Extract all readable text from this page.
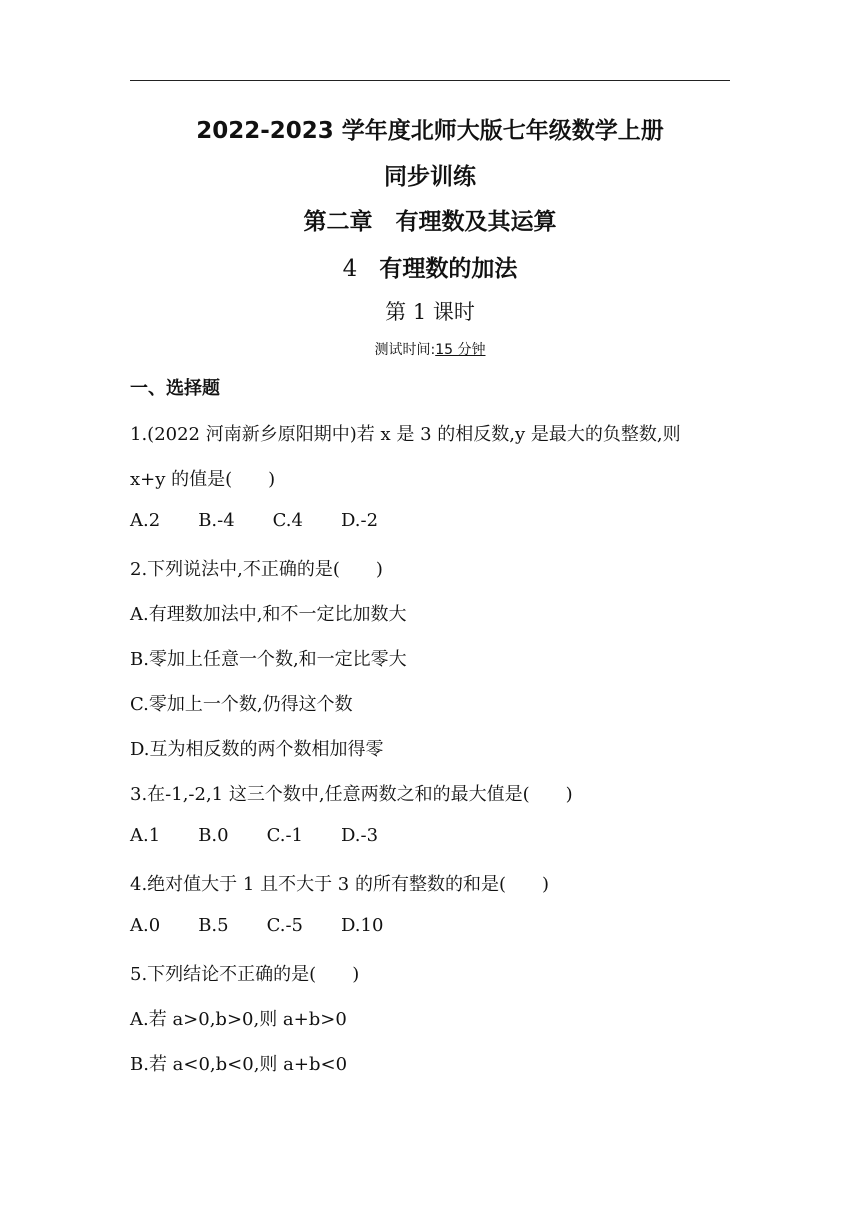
2022-2023 学年度北师大版七年级数学上册
同步训练
第二章　有理数及其运算
4 有理数的加法
第 1 课时
测试时间:15 分钟
一、选择题
1.(2022 河南新乡原阳期中)若 x 是 3 的相反数,y 是最大的负整数,则
x+y 的值是(　　)
A.2 B.-4 C.4 D.-2
2.下列说法中,不正确的是(　　)
A.有理数加法中,和不一定比加数大
B.零加上任意一个数,和一定比零大
C.零加上一个数,仍得这个数
D.互为相反数的两个数相加得零
3.在-1,-2,1 这三个数中,任意两数之和的最大值是(　　)
A.1 B.0 C.-1 D.-3
4.绝对值大于 1 且不大于 3 的所有整数的和是(　　)
A.0 B.5 C.-5 D.10
5.下列结论不正确的是(　　)
A.若 a>0,b>0,则 a+b>0
B.若 a<0,b<0,则 a+b<0
